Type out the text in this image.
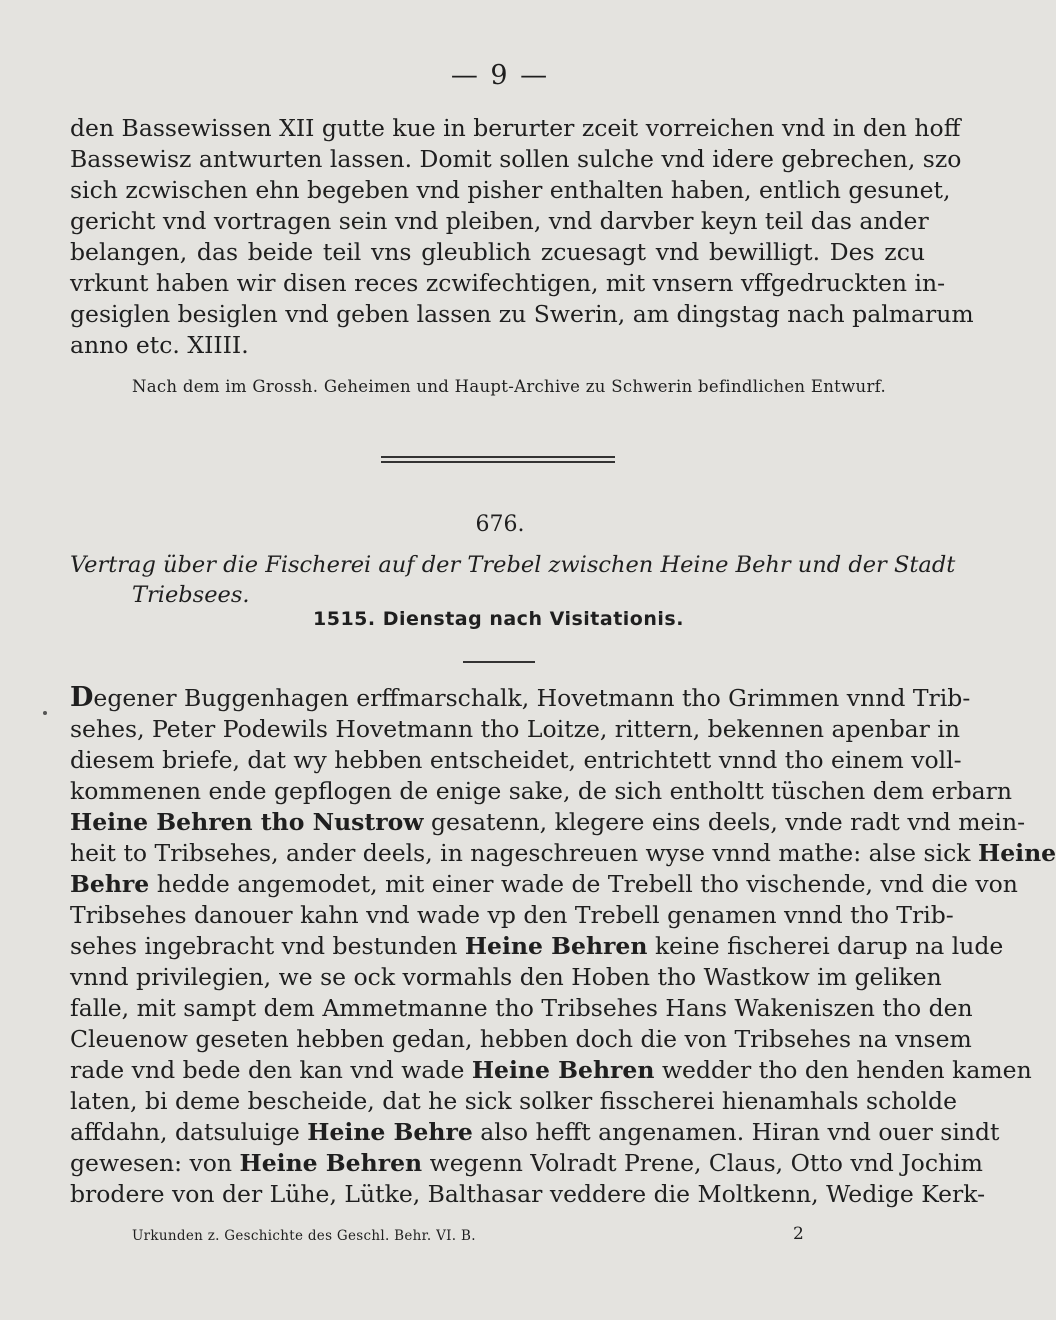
— 9 —
den Bassewissen XII gutte kue in berurter zceit vorreichen vnd in den hoff
Bassewisz antwurten lassen. Domit sollen sulche vnd idere gebrechen, szo
sich zcwischen ehn begeben vnd pisher enthalten haben, entlich gesunet,
gericht vnd vortragen sein vnd pleiben, vnd darvber keyn teil das ander
belangen, das beide teil vns gleublich zcuesagt vnd bewilligt. Des zcu
vrkunt haben wir disen reces zcwifechtigen, mit vnsern vffgedruckten in-
gesiglen besiglen vnd geben lassen zu Swerin, am dingstag nach palmarum
anno etc. XIIII.
Nach dem im Grossh. Geheimen und Haupt-Archive zu Schwerin befindlichen Entwurf.
676.
Vertrag über die Fischerei auf der Trebel zwischen Heine Behr und der Stadt
Triebsees.
1515. Dienstag nach Visitationis.
Degener Buggenhagen erffmarschalk, Hovetmann tho Grimmen vnnd Trib-
sehes, Peter Podewils Hovetmann tho Loitze, rittern, bekennen apenbar in
diesem briefe, dat wy hebben entscheidet, entrichtett vnnd tho einem voll-
kommenen ende gepflogen de enige sake, de sich entholtt tüschen dem erbarn
Heine Behren tho Nustrow gesatenn, klegere eins deels, vnde radt vnd mein-
heit to Tribsehes, ander deels, in nageschreuen wyse vnnd mathe: alse sick Heine
Behre hedde angemodet, mit einer wade de Trebell tho vischende, vnd die von
Tribsehes danouer kahn vnd wade vp den Trebell genamen vnnd tho Trib-
sehes ingebracht vnd bestunden Heine Behren keine fischerei darup na lude
vnnd privilegien, we se ock vormahls den Hoben tho Wastkow im geliken
falle, mit sampt dem Ammetmanne tho Tribsehes Hans Wakeniszen tho den
Cleuenow geseten hebben gedan, hebben doch die von Tribsehes na vnsem
rade vnd bede den kan vnd wade Heine Behren wedder tho den henden kamen
laten, bi deme bescheide, dat he sick solker fisscherei hienamhals scholde
affdahn, datsuluige Heine Behre also hefft angenamen. Hiran vnd ouer sindt
gewesen: von Heine Behren wegenn Volradt Prene, Claus, Otto vnd Jochim
brodere von der Lühe, Lütke, Balthasar veddere die Moltkenn, Wedige Kerk-
Urkunden z. Geschichte des Geschl. Behr. VI. B.	2
